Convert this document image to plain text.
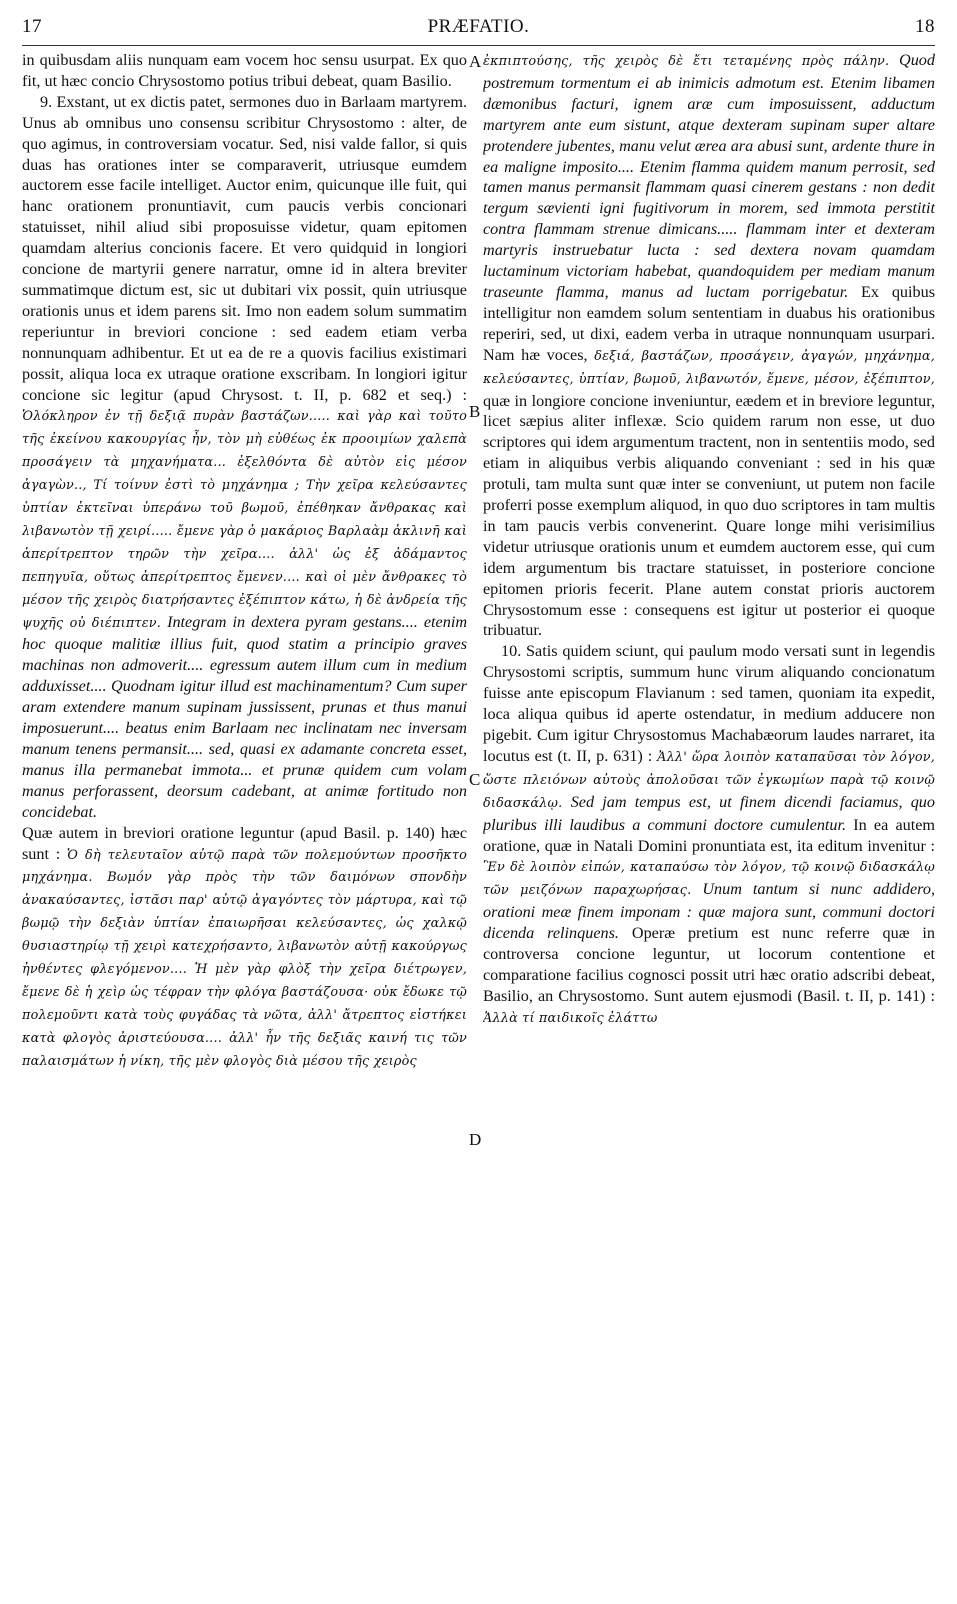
17	PRÆFATIO.	18
A
B
C
D

in quibusdam aliis nunquam eam vocem hoc sensu usurpat. Ex quo fit, ut hæc concio Chrysostomo potius tribui debeat, quam Basilio.

9. Exstant, ut ex dictis patet, sermones duo in Barlaam martyrem. Unus ab omnibus uno consensu scribitur Chrysostomo : alter, de quo agimus, in controversiam vocatur. Sed, nisi valde fallor, si quis duas has orationes inter se comparaverit, utriusque eumdem auctorem esse facile intelliget. Auctor enim, quicunque ille fuit, qui hanc orationem pronuntiavit, cum paucis verbis concionari statuisset, nihil aliud sibi proposuisse videtur, quam epitomen quamdam alterius concionis facere. Et vero quidquid in longiori concione de martyrii genere narratur, omne id in altera breviter summatimque dictum est, sic ut dubitari vix possit, quin utriusque orationis unus et idem parens sit. Imo non eadem solum summatim reperiuntur in breviori concione : sed eadem etiam verba nonnunquam adhibentur. Et ut ea de re a quovis facilius existimari possit, aliqua loca ex utraque oratione exscribam. In longiori igitur concione sic legitur (apud Chrysost. t. II, p. 682 et seq.) : Ὁλόκληρον ἐν τῇ δεξιᾷ πυρὰν βαστάζων..... καὶ γὰρ καὶ τοῦτο τῆς ἐκείνου κακουργίας ἦν, τὸν μὴ εὐθέως ἐκ προοιμίων χαλεπὰ προσάγειν τὰ μηχανήματα... ἐξελθόντα δὲ αὐτὸν εἰς μέσον ἀγαγὼν.., Τί τοίνυν ἐστὶ τὸ μηχάνημα ; Τὴν χεῖρα κελεύσαντες ὑπτίαν ἐκτεῖναι ὑπεράνω τοῦ βωμοῦ, ἐπέθηκαν ἄνθρακας καὶ λιβανωτὸν τῇ χειρί..... ἔμενε γὰρ ὁ μακάριος Βαρλαὰμ ἀκλινῆ καὶ ἀπερίτρεπτον τηρῶν τὴν χεῖρα.... ἀλλ' ὡς ἐξ ἀδάμαντος πεπηγυῖα, οὕτως ἀπερίτρεπτος ἔμενεν.... καὶ οἱ μὲν ἄνθρακες τὸ μέσον τῆς χειρὸς διατρήσαντες ἐξέπιπτον κάτω, ἡ δὲ ἀνδρεία τῆς ψυχῆς οὐ διέπιπτεν. Integram in dextera pyram gestans.... etenim hoc quoque malitiæ illius fuit, quod statim a principio graves machinas non admoverit.... egressum autem illum cum in medium adduxisset.... Quodnam igitur illud est machinamentum? Cum super aram extendere manum supinam jussissent, prunas et thus manui imposuerunt.... beatus enim Barlaam nec inclinatam nec inversam manum tenens permansit.... sed, quasi ex adamante concreta esset, manus illa permanebat immota... et prunæ quidem cum volam manus perforassent, deorsum cadebant, at animæ fortitudo non concidebat.

Quæ autem in breviori oratione leguntur (apud Basil. p. 140) hæc sunt : Ὁ δὴ τελευταῖον αὐτῷ παρὰ τῶν πολεμούντων προσῆκτο μηχάνημα. Βωμόν γὰρ πρὸς τὴν τῶν δαιμόνων σπονδὴν ἀνακαύσαντες, ἱστᾶσι παρ' αὐτῷ ἀγαγόντες τὸν μάρτυρα, καὶ τῷ βωμῷ τὴν δεξιὰν ὑπτίαν ἐπαιωρῆσαι κελεύσαντες, ὡς χαλκῷ θυσιαστηρίῳ τῇ χειρὶ κατεχρήσαντο, λιβανωτὸν αὐτῇ κακούργως ἠνθέντες φλεγόμενον.... Ἡ μὲν γὰρ φλὸξ τὴν χεῖρα διέτρωγεν, ἔμενε δὲ ἡ χεὶρ ὡς τέφραν τὴν φλόγα βαστάζουσα· οὐκ ἔδωκε τῷ πολεμοῦντι κατὰ τοὺς φυγάδας τὰ νῶτα, ἀλλ' ἄτρεπτος εἱστήκει κατὰ φλογὸς ἀριστεύουσα.... ἀλλ' ἦν τῆς δεξιᾶς καινή τις τῶν παλαισμάτων ἡ νίκη, τῆς μὲν φλογὸς διὰ μέσου τῆς χειρὸς

ἐκπιπτούσης, τῆς χειρὸς δὲ ἔτι τεταμένης πρὸς πάλην. Quod postremum tormentum ei ab inimicis admotum est. Etenim libamen dæmonibus facturi, ignem aræ cum imposuissent, adductum martyrem ante eum sistunt, atque dexteram supinam super altare protendere jubentes, manu velut ærea ara abusi sunt, ardente thure in ea maligne imposito.... Etenim flamma quidem manum perrosit, sed tamen manus permansit flammam quasi cinerem gestans : non dedit tergum sævienti igni fugitivorum in morem, sed immota perstitit contra flammam strenue dimicans..... flammam inter et dexteram martyris instruebatur lucta : sed dextera novam quamdam luctaminum victoriam habebat, quandoquidem per mediam manum traseunte flamma, manus ad luctam porrigebatur. Ex quibus intelligitur non eamdem solum sententiam in duabus his orationibus reperiri, sed, ut dixi, eadem verba in utraque nonnunquam usurpari. Nam hæ voces, δεξιά, βαστάζων, προσάγειν, ἀγαγών, μηχάνημα, κελεύσαντες, ὑπτίαν, βωμοῦ, λιβανωτόν, ἔμενε, μέσον, ἐξέπιπτον, quæ in longiore concione inveniuntur, eædem et in breviore leguntur, licet sæpius aliter inflexæ. Scio quidem rarum non esse, ut duo scriptores qui idem argumentum tractent, non in sententiis modo, sed etiam in aliquibus verbis aliquando conveniant : sed in his quæ protuli, tam multa sunt quæ inter se conveniunt, ut putem non facile proferri posse exemplum aliquod, in quo duo scriptores in tam multis in tam paucis verbis convenerint. Quare longe mihi verisimilius videtur utriusque orationis unum et eumdem auctorem esse, qui cum idem argumentum bis tractare statuisset, in posteriore concione epitomen prioris fecerit. Plane autem constat prioris auctorem Chrysostomum esse : consequens est igitur ut posterior ei quoque tribuatur.

10. Satis quidem sciunt, qui paulum modo versati sunt in legendis Chrysostomi scriptis, summum hunc virum aliquando concionatum fuisse ante episcopum Flavianum : sed tamen, quoniam ita expedit, loca aliqua quibus id aperte ostendatur, in medium adducere non pigebit. Cum igitur Chrysostomus Machabæorum laudes narraret, ita locutus est (t. II, p. 631) : Ἀλλ' ὥρα λοιπὸν καταπαῦσαι τὸν λόγον, ὥστε πλειόνων αὐτοὺς ἀπολοῦσαι τῶν ἐγκωμίων παρὰ τῷ κοινῷ διδασκάλῳ. Sed jam tempus est, ut finem dicendi faciamus, quo pluribus illi laudibus a communi doctore cumulentur. In ea autem oratione, quæ in Natali Domini pronuntiata est, ita editum invenitur : Ἓν δὲ λοιπὸν εἰπών, καταπαύσω τὸν λόγον, τῷ κοινῷ διδασκάλῳ τῶν μειζόνων παραχωρήσας. Unum tantum si nunc addidero, orationi meæ finem imponam : quæ majora sunt, communi doctori dicenda relinquens. Operæ pretium est nunc referre quæ in controversa concione leguntur, ut locorum contentione et comparatione facilius cognosci possit utri hæc oratio adscribi debeat, Basilio, an Chrysostomo. Sunt autem ejusmodi (Basil. t. II, p. 141) : Ἀλλὰ τί παιδικοῖς ἐλάττω
